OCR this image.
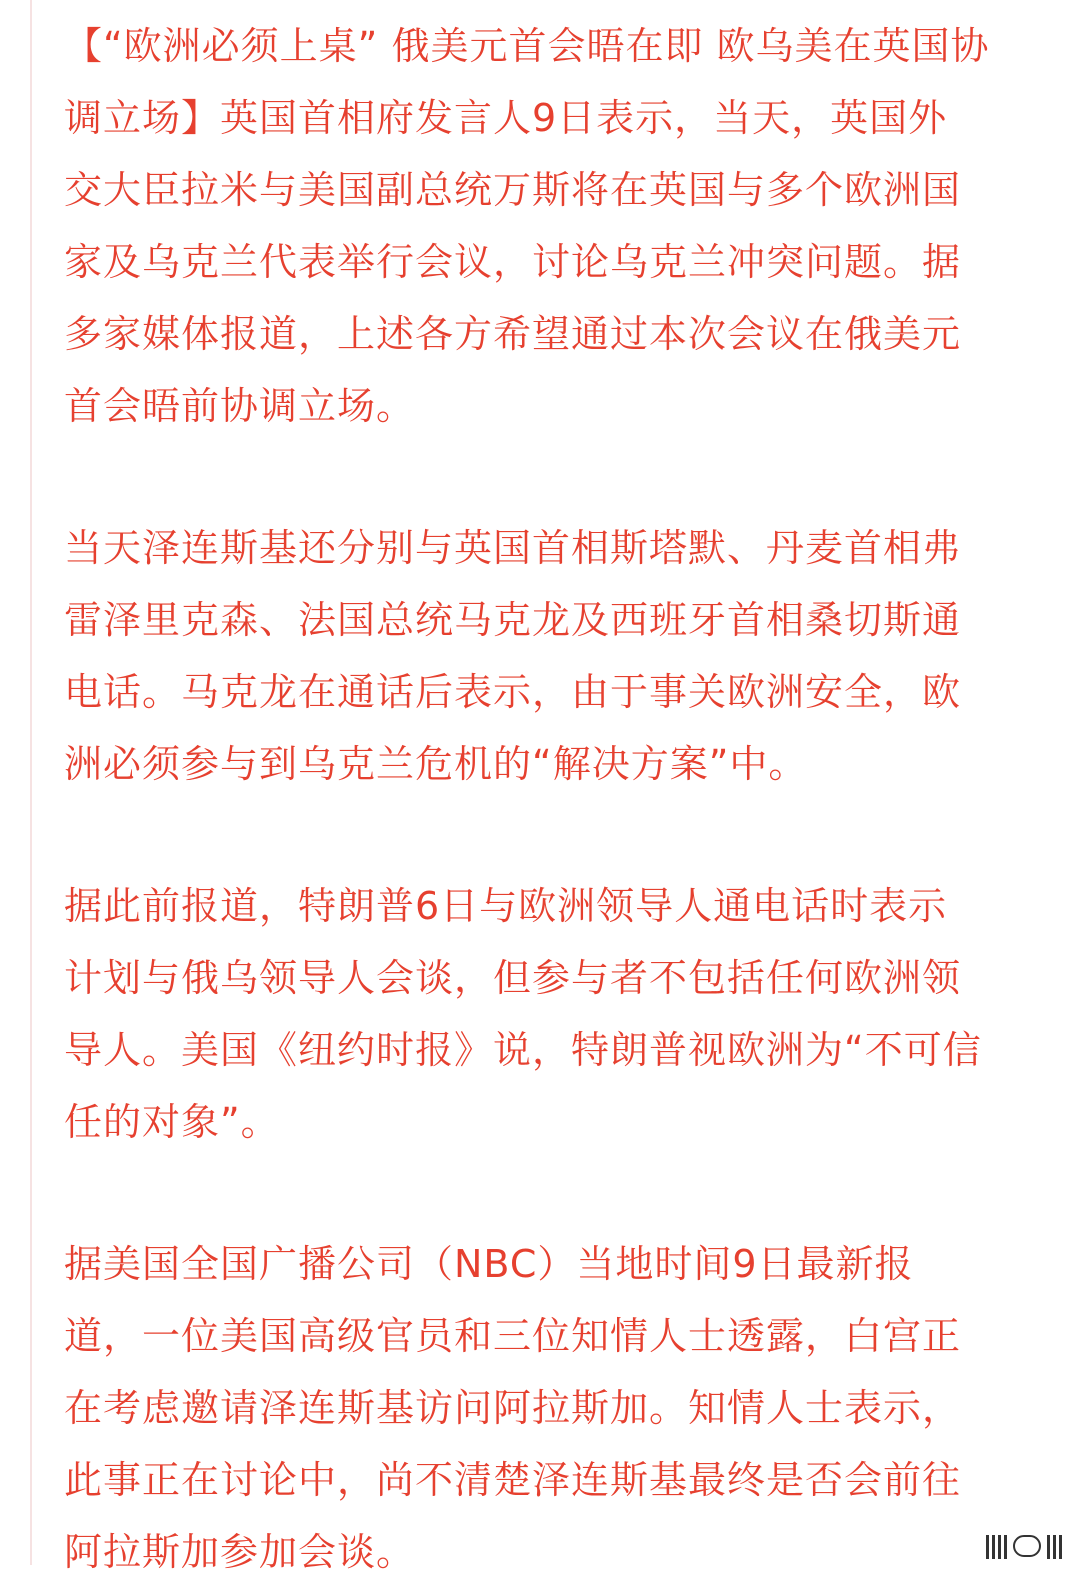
【“欧洲必须上桌” 俄美元首会晤在即 欧乌美在英国协
调立场】英国首相府发言人9日表示，当天，英国外
交大臣拉米与美国副总统万斯将在英国与多个欧洲国
家及乌克兰代表举行会议，讨论乌克兰冲突问题。据
多家媒体报道，上述各方希望通过本次会议在俄美元
首会晤前协调立场。

当天泽连斯基还分别与英国首相斯塔默、丹麦首相弗
雷泽里克森、法国总统马克龙及西班牙首相桑切斯通
电话。马克龙在通话后表示，由于事关欧洲安全，欧
洲必须参与到乌克兰危机的“解决方案”中。

据此前报道，特朗普6日与欧洲领导人通电话时表示
计划与俄乌领导人会谈，但参与者不包括任何欧洲领
导人。美国《纽约时报》说，特朗普视欧洲为“不可信
任的对象”。

据美国全国广播公司（NBC）当地时间9日最新报
道，一位美国高级官员和三位知情人士透露，白宫正
在考虑邀请泽连斯基访问阿拉斯加。知情人士表示，
此事正在讨论中，尚不清楚泽连斯基最终是否会前往
阿拉斯加参加会谈。
